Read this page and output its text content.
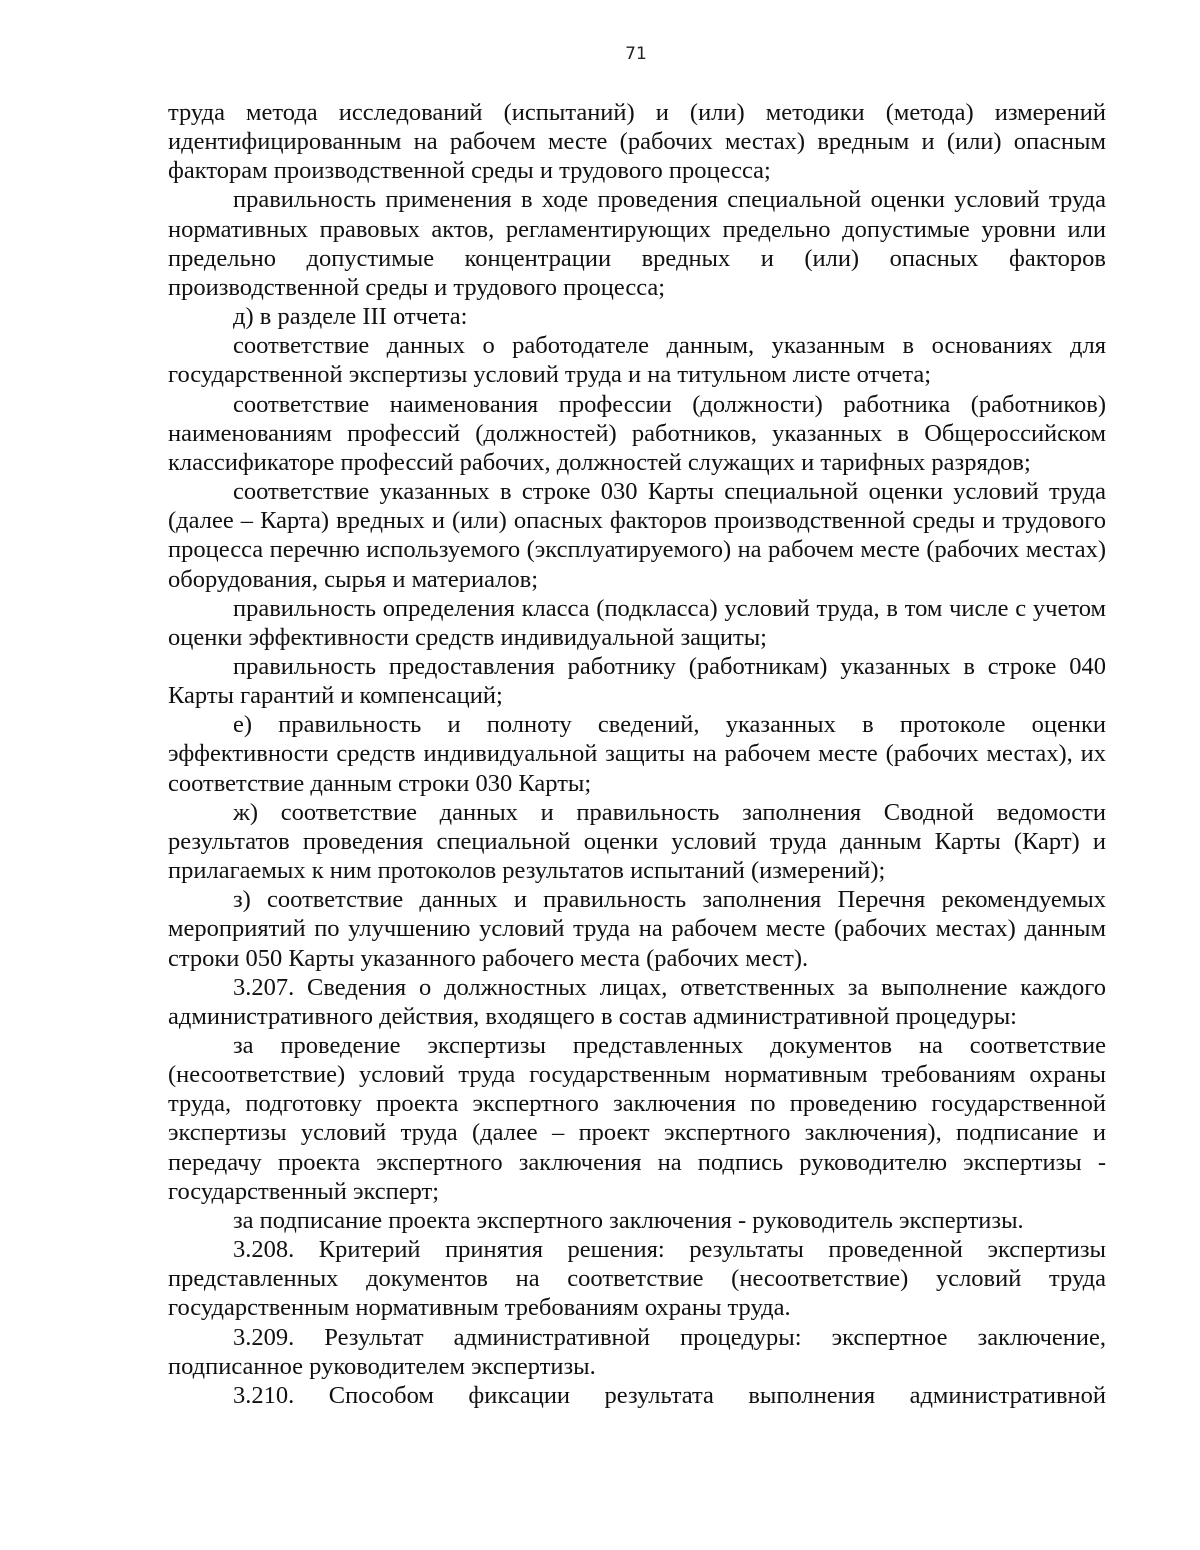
71

труда метода исследований (испытаний) и (или) методики (метода) измерений идентифицированным на рабочем месте (рабочих местах) вредным и (или) опасным факторам производственной среды и трудового процесса;

правильность применения в ходе проведения специальной оценки условий труда нормативных правовых актов, регламентирующих предельно допустимые уровни или предельно допустимые концентрации вредных и (или) опасных факторов производственной среды и трудового процесса;

д) в разделе III отчета:

соответствие данных о работодателе данным, указанным в основаниях для государственной экспертизы условий труда и на титульном листе отчета;

соответствие наименования профессии (должности) работника (работников) наименованиям профессий (должностей) работников, указанных в Общероссийском классификаторе профессий рабочих, должностей служащих и тарифных разрядов;

соответствие указанных в строке 030 Карты специальной оценки условий труда (далее – Карта) вредных и (или) опасных факторов производственной среды и трудового процесса перечню используемого (эксплуатируемого) на рабочем месте (рабочих местах) оборудования, сырья и материалов;

правильность определения класса (подкласса) условий труда, в том числе с учетом оценки эффективности средств индивидуальной защиты;

правильность предоставления работнику (работникам) указанных в строке 040 Карты гарантий и компенсаций;

е) правильность и полноту сведений, указанных в протоколе оценки эффективности средств индивидуальной защиты на рабочем месте (рабочих местах), их соответствие данным строки 030 Карты;

ж) соответствие данных и правильность заполнения Сводной ведомости результатов проведения специальной оценки условий труда данным Карты (Карт) и прилагаемых к ним протоколов результатов испытаний (измерений);

з) соответствие данных и правильность заполнения Перечня рекомендуемых мероприятий по улучшению условий труда на рабочем месте (рабочих местах) данным строки 050 Карты указанного рабочего места (рабочих мест).

3.207. Сведения о должностных лицах, ответственных за выполнение каждого административного действия, входящего в состав административной процедуры:

за проведение экспертизы представленных документов на соответствие (несоответствие) условий труда государственным нормативным требованиям охраны труда, подготовку проекта экспертного заключения по проведению государственной экспертизы условий труда (далее – проект экспертного заключения), подписание и передачу проекта экспертного заключения на подпись руководителю экспертизы - государственный эксперт;

за подписание проекта экспертного заключения - руководитель экспертизы.

3.208. Критерий принятия решения: результаты проведенной экспертизы представленных документов на соответствие (несоответствие) условий труда государственным нормативным требованиям охраны труда.

3.209. Результат административной процедуры: экспертное заключение, подписанное руководителем экспертизы.

3.210. Способом фиксации результата выполнения административной
